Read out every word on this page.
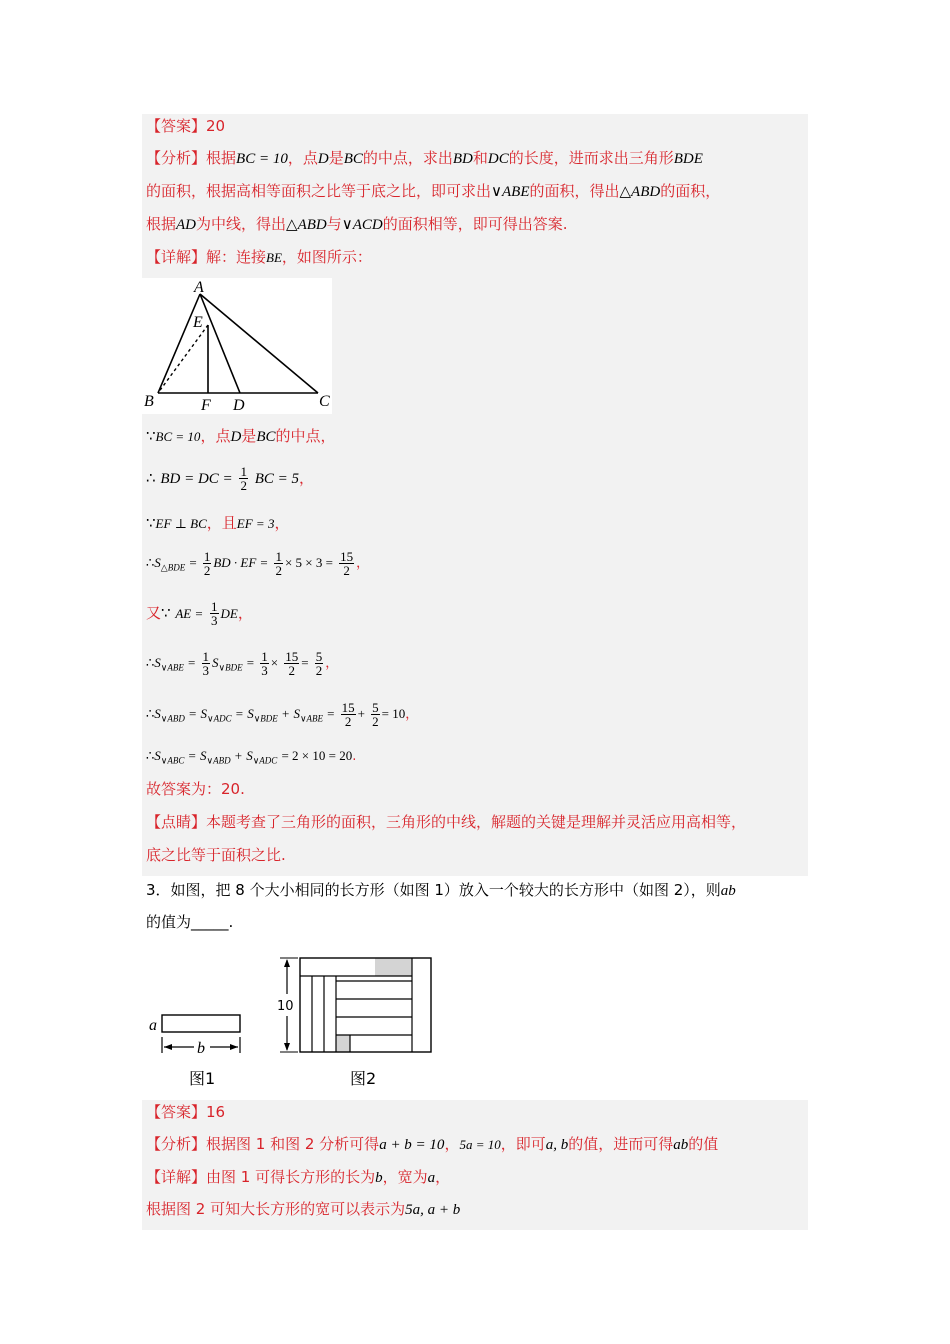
【答案】20
【分析】根据BC = 10，点D是BC的中点，求出BD和DC的长度，进而求出三角形BDE
的面积，根据高相等面积之比等于底之比，即可求出∨ABE的面积，得出△ABD的面积，
根据AD为中线，得出△ABD与∨ACD的面积相等，即可得出答案.
【详解】解：连接BE，如图所示：
A
E
B	F D	C
∵BC = 10，点D是BC的中点，
∴ BD = DC = $\frac{1}{2}$ BC = 5，
∵EF ⊥ BC，且EF = 3，
$\therefore S_{\triangle BDE} = \frac{1}{2}$ BD · EF = $\frac{1}{2} \times 5 \times 3 = \frac{15}{2}$ ，
又∵ AE = $\frac{1}{3}$ DE，
$\therefore S_{\vee ABE} = \frac{1}{3} S_{\vee BDE} = \frac{1}{3} \times \frac{15}{2} = \frac{5}{2}$ ，
$\therefore S_{\vee ABD} = S_{\vee ADC} = S_{\vee BDE} + S_{\vee ABE} = \frac{15}{2} + \frac{5}{2} = 10$，
$\therefore S_{\vee ABC} = S_{\vee ABD} + S_{\vee ADC} = 2 \times 10 = 20$.
故答案为：20.
【点睛】本题考查了三角形的面积，三角形的中线，解题的关键是理解并灵活应用高相等，
底之比等于面积之比.
3．如图，把 8 个大小相同的长方形（如图 1）放入一个较大的长方形中（如图 2），则ab
的值为_____.
a
b
图1
10
图2
【答案】16
【分析】根据图 1 和图 2 分析可得a + b = 10，5a = 10，即可a, b的值，进而可得ab的值
【详解】由图 1 可得长方形的长为b，宽为a，
根据图 2 可知大长方形的宽可以表示为5a, a + b
